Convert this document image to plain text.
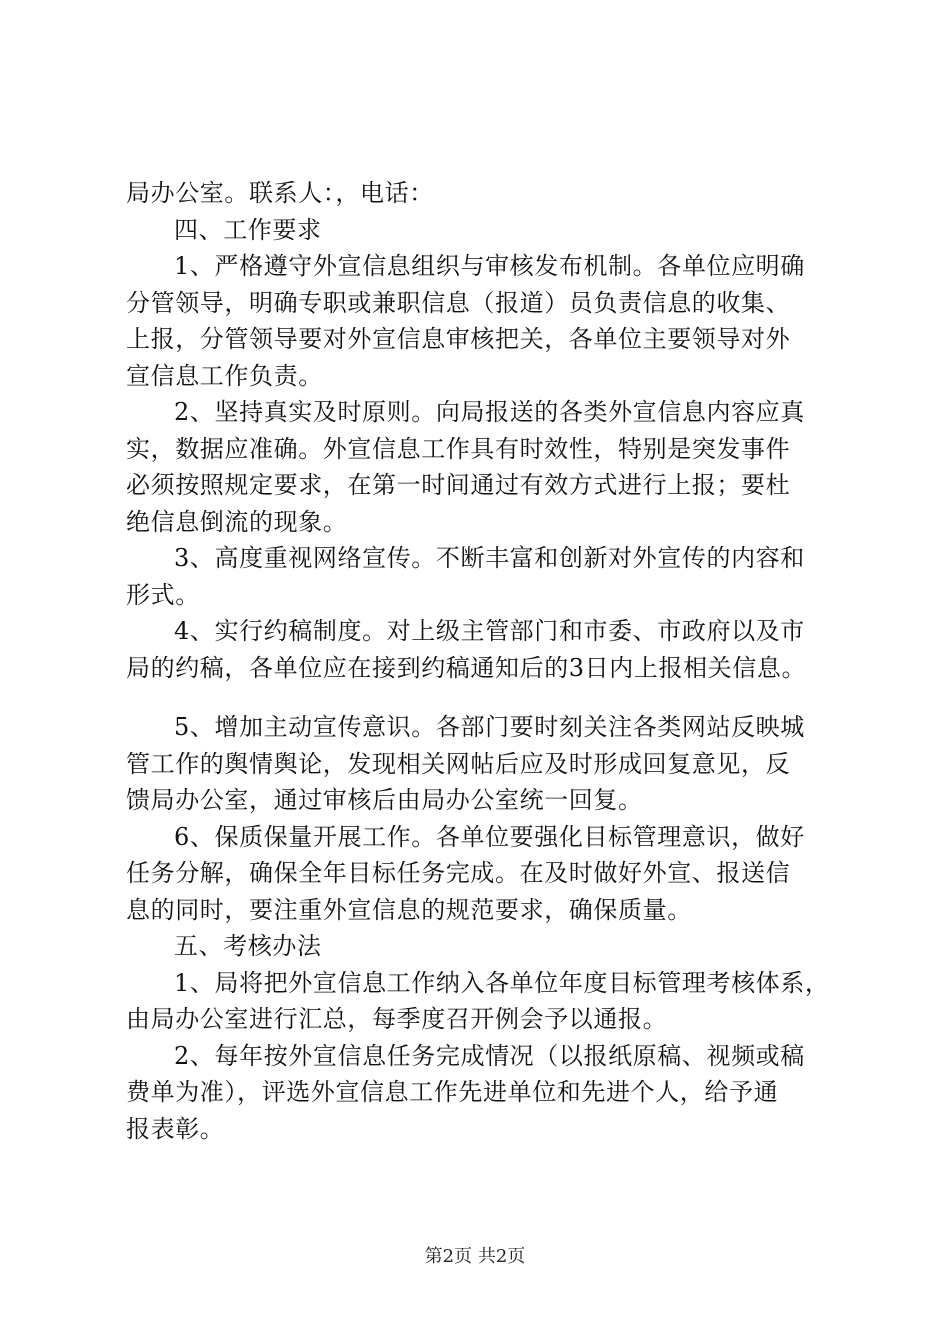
局办公室。联系人：，电话：
四、工作要求
1、严格遵守外宣信息组织与审核发布机制。各单位应明确
分管领导，明确专职或兼职信息（报道）员负责信息的收集、
上报，分管领导要对外宣信息审核把关，各单位主要领导对外
宣信息工作负责。
2、坚持真实及时原则。向局报送的各类外宣信息内容应真
实，数据应准确。外宣信息工作具有时效性，特别是突发事件
必须按照规定要求，在第一时间通过有效方式进行上报；要杜
绝信息倒流的现象。
3、高度重视网络宣传。不断丰富和创新对外宣传的内容和
形式。
4、实行约稿制度。对上级主管部门和市委、市政府以及市
局的约稿，各单位应在接到约稿通知后的3日内上报相关信息。
5、增加主动宣传意识。各部门要时刻关注各类网站反映城
管工作的舆情舆论，发现相关网帖后应及时形成回复意见，反
馈局办公室，通过审核后由局办公室统一回复。
6、保质保量开展工作。各单位要强化目标管理意识，做好
任务分解，确保全年目标任务完成。在及时做好外宣、报送信
息的同时，要注重外宣信息的规范要求，确保质量。
五、考核办法
1、局将把外宣信息工作纳入各单位年度目标管理考核体系，
由局办公室进行汇总，每季度召开例会予以通报。
2、每年按外宣信息任务完成情况（以报纸原稿、视频或稿
费单为准），评选外宣信息工作先进单位和先进个人，给予通
报表彰。
第2页 共2页
